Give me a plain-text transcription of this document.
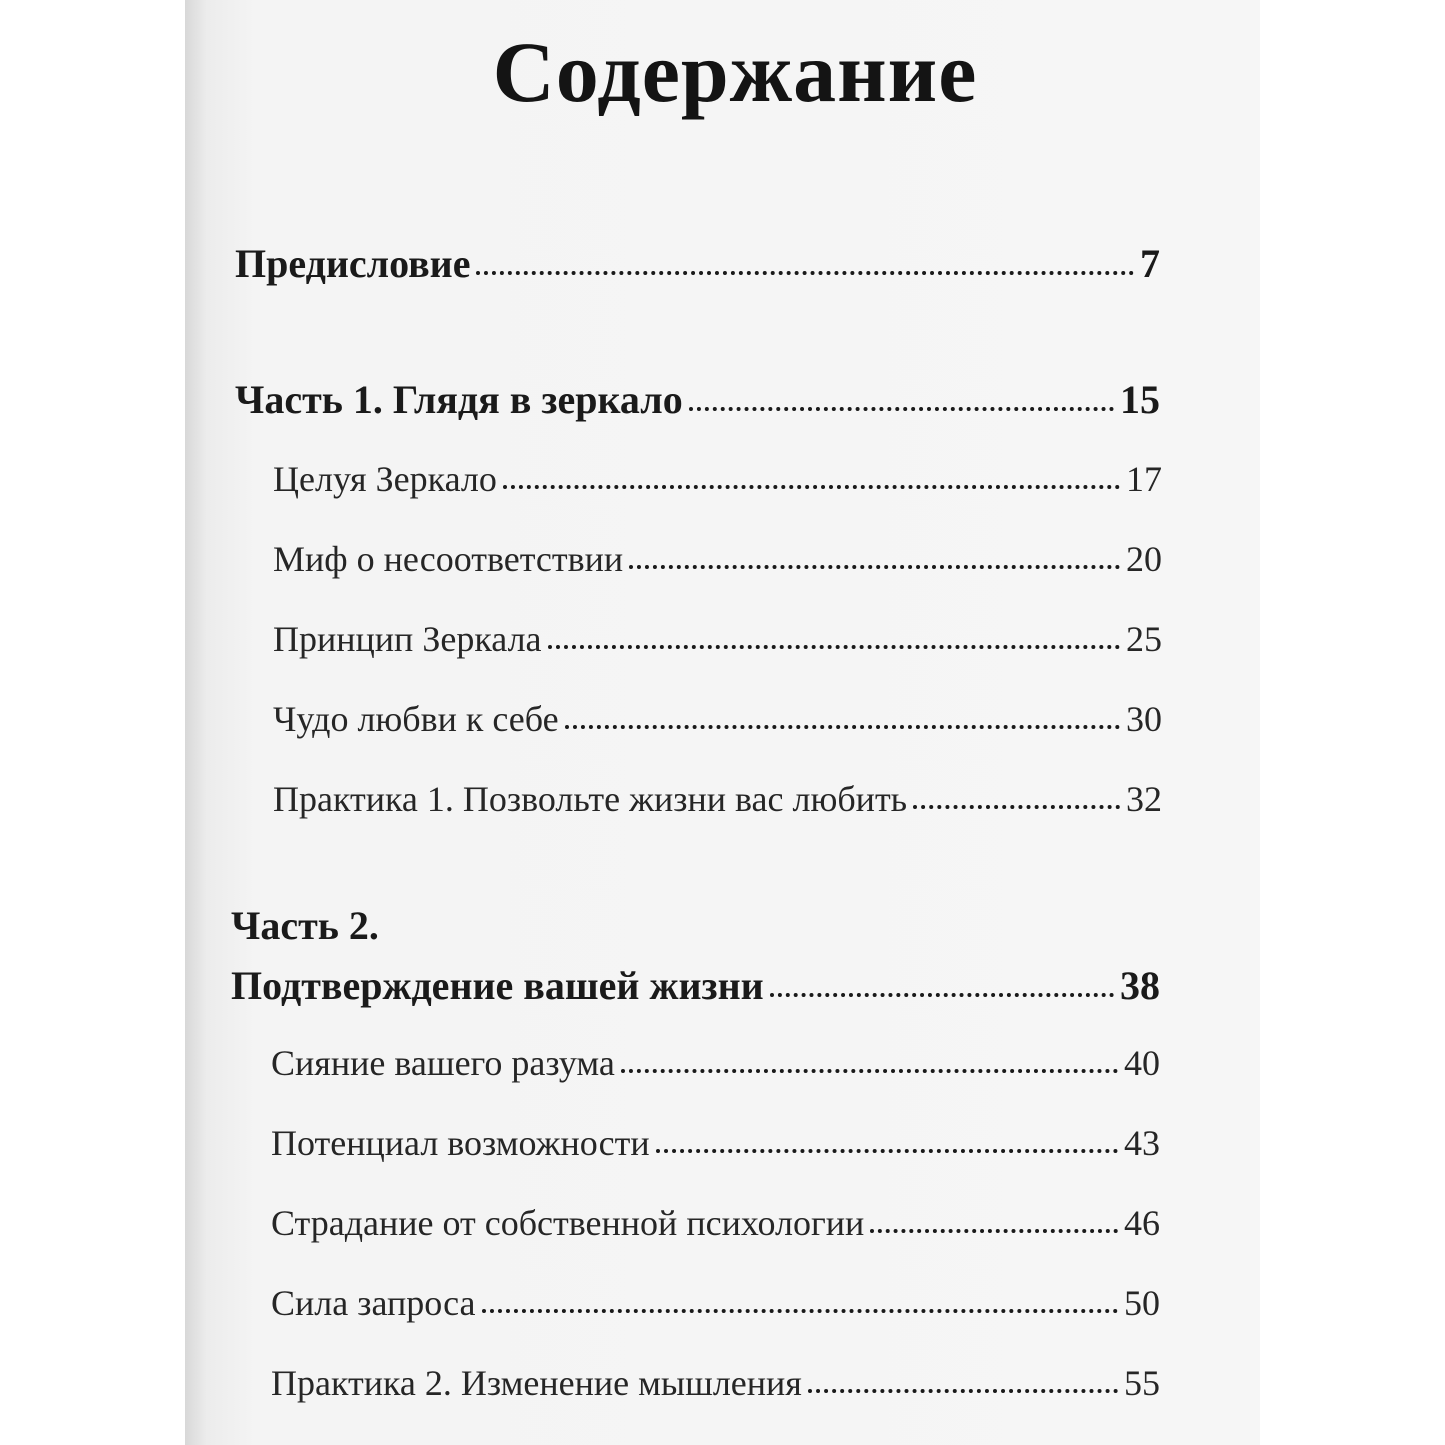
Содержание
Предисловие	7
Часть 1. Глядя в зеркало	15
Целуя Зеркало	17
Миф о несоответствии	20
Принцип Зеркала	25
Чудо любви к себе	30
Практика 1. Позвольте жизни вас любить	32

Часть 2.

Подтверждение вашей жизни	38
Сияние вашего разума	40
Потенциал возможности	43
Страдание от собственной психологии	46
Сила запроса	50
Практика 2. Изменение мышления	55
